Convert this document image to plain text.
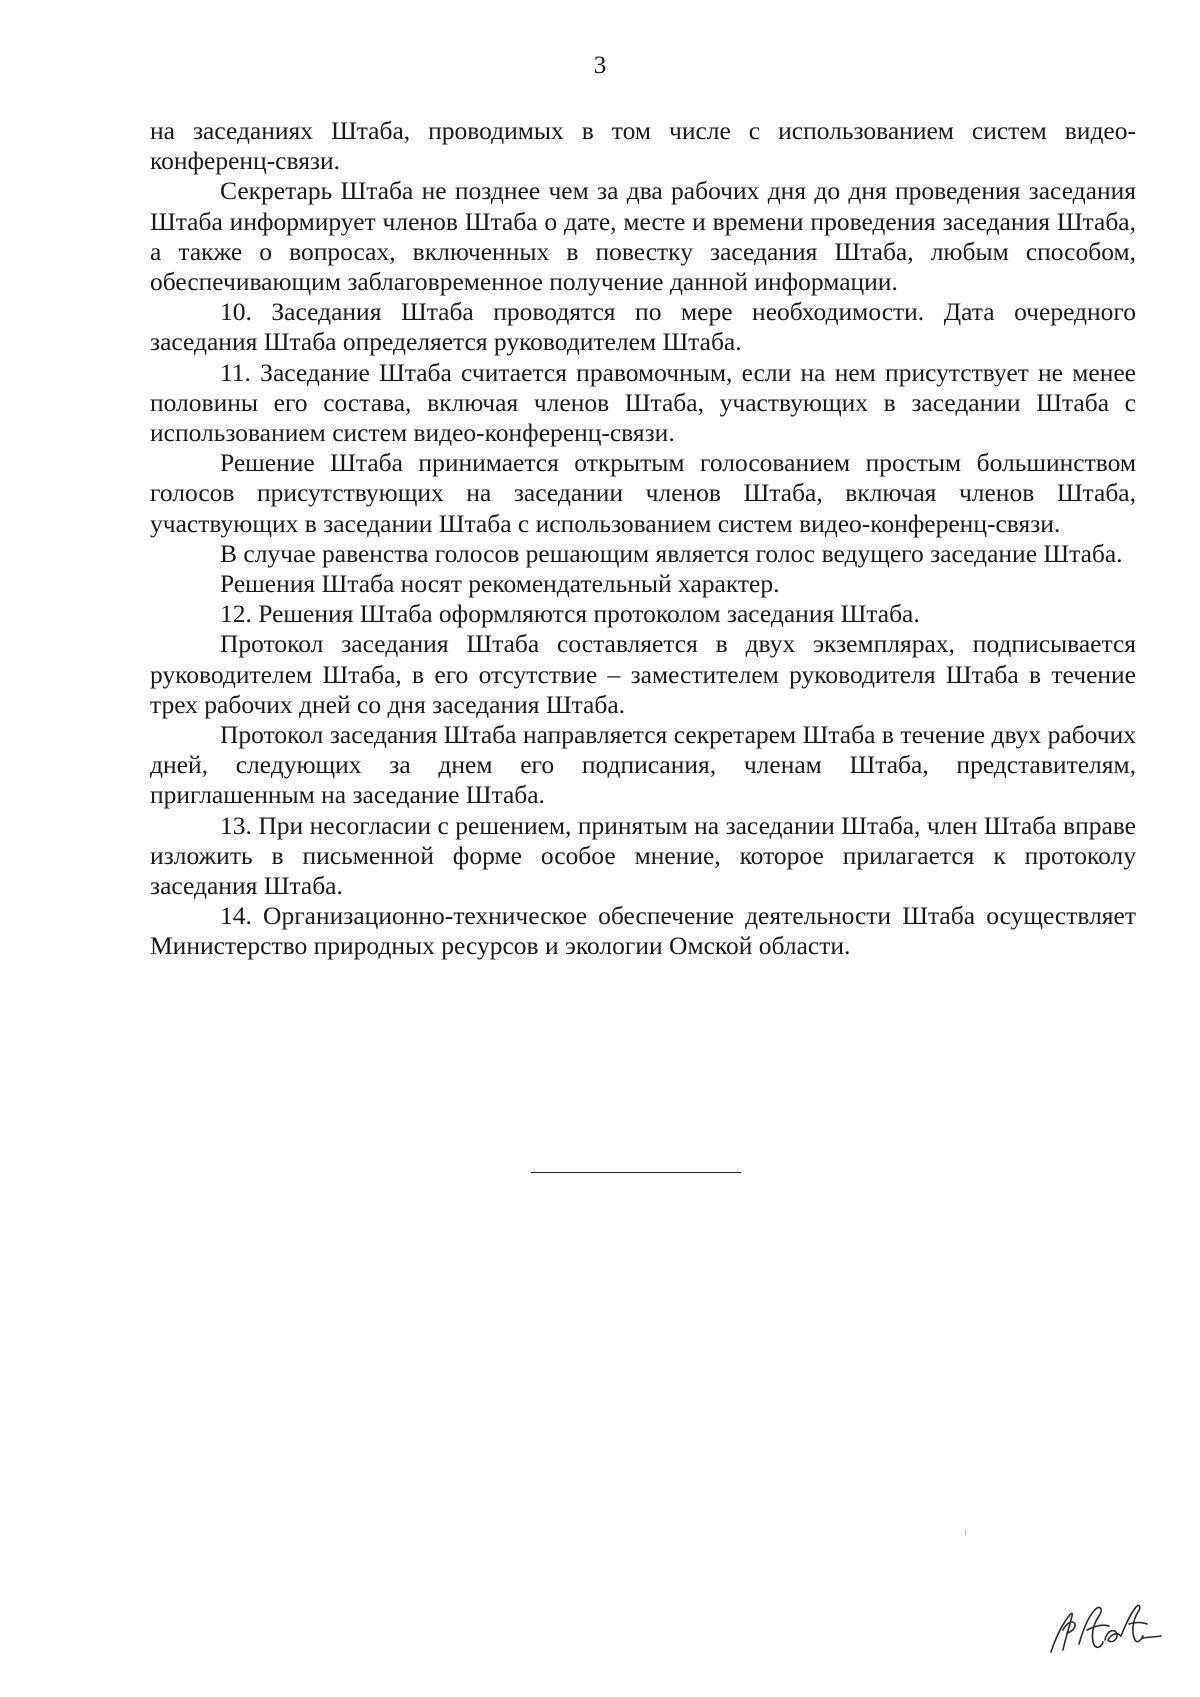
3

на заседаниях Штаба, проводимых в том числе с использованием систем видео-конференц-связи.

Секретарь Штаба не позднее чем за два рабочих дня до дня проведения заседания Штаба информирует членов Штаба о дате, месте и времени проведения заседания Штаба, а также о вопросах, включенных в повестку заседания Штаба, любым способом, обеспечивающим заблаговременное получение данной информации.

10. Заседания Штаба проводятся по мере необходимости. Дата очередного заседания Штаба определяется руководителем Штаба.

11. Заседание Штаба считается правомочным, если на нем присутствует не менее половины его состава, включая членов Штаба, участвующих в заседании Штаба с использованием систем видео-конференц-связи.

Решение Штаба принимается открытым голосованием простым большинством голосов присутствующих на заседании членов Штаба, включая членов Штаба, участвующих в заседании Штаба с использованием систем видео-конференц-связи.

В случае равенства голосов решающим является голос ведущего заседание Штаба.

Решения Штаба носят рекомендательный характер.

12. Решения Штаба оформляются протоколом заседания Штаба.

Протокол заседания Штаба составляется в двух экземплярах, подписывается руководителем Штаба, в его отсутствие – заместителем руководителя Штаба в течение трех рабочих дней со дня заседания Штаба.

Протокол заседания Штаба направляется секретарем Штаба в течение двух рабочих дней, следующих за днем его подписания, членам Штаба, представителям, приглашенным на заседание Штаба.

13. При несогласии с решением, принятым на заседании Штаба, член Штаба вправе изложить в письменной форме особое мнение, которое прилагается к протоколу заседания Штаба.

14. Организационно-техническое обеспечение деятельности Штаба осуществляет Министерство природных ресурсов и экологии Омской области.
